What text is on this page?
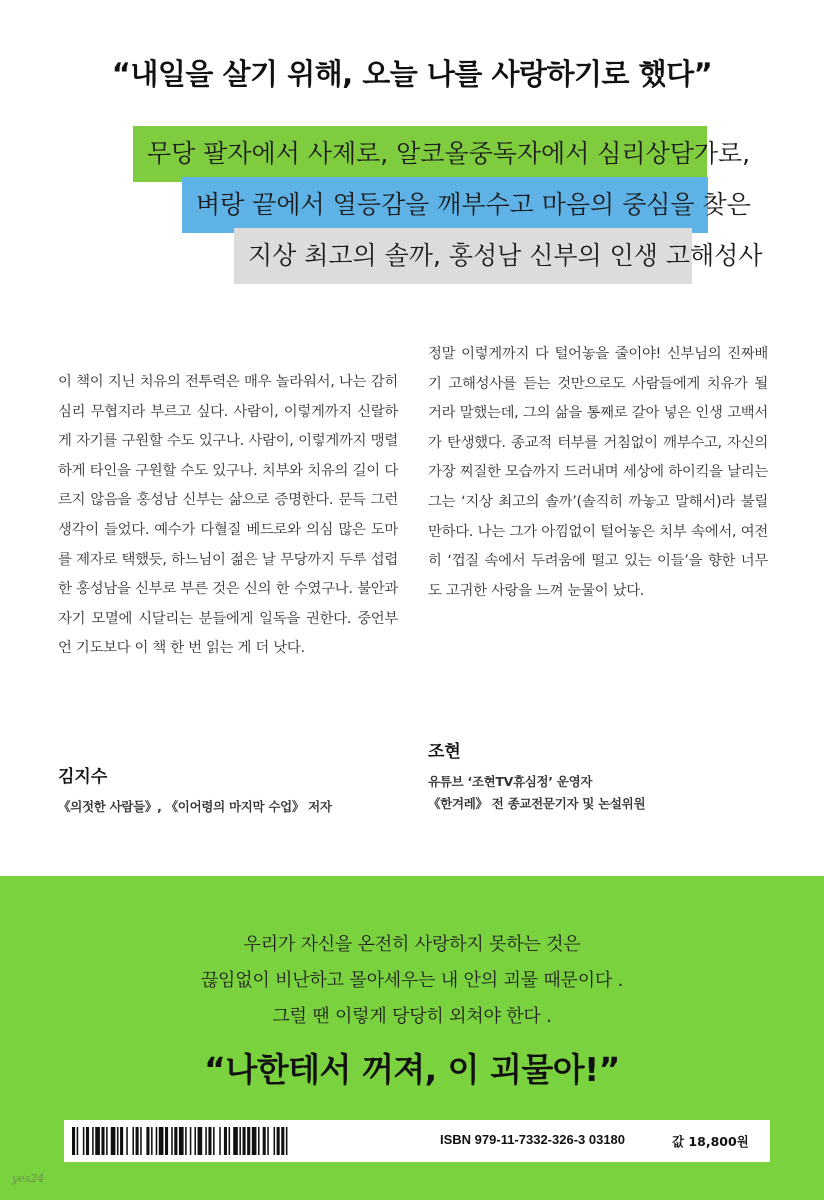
“내일을 살기 위해, 오늘 나를 사랑하기로 했다”
무당 팔자에서 사제로, 알코올중독자에서 심리상담가로,
벼랑 끝에서 열등감을 깨부수고 마음의 중심을 찾은
지상 최고의 솔까, 홍성남 신부의 인생 고해성사

이 책이 지닌 치유의 전투력은 매우 놀라워서, 나는 감히 심리 무협지라 부르고 싶다. 사람이, 이렇게까지 신랄하게 자기를 구원할 수도 있구나. 사람이, 이렇게까지 맹렬하게 타인을 구원할 수도 있구나. 치부와 치유의 길이 다르지 않음을 홍성남 신부는 삶으로 증명한다. 문득 그런 생각이 들었다. 예수가 다혈질 베드로와 의심 많은 도마를 제자로 택했듯, 하느님이 젊은 날 무당까지 두루 섭렵한 홍성남을 신부로 부른 것은 신의 한 수였구나. 불안과 자기 모멸에 시달리는 분들에게 일독을 권한다. 중언부언 기도보다 이 책 한 번 읽는 게 더 낫다.

김지수
《의젓한 사람들》, 《이어령의 마지막 수업》 저자

정말 이렇게까지 다 털어놓을 줄이야! 신부님의 진짜배기 고해성사를 듣는 것만으로도 사람들에게 치유가 될 거라 말했는데, 그의 삶을 통째로 갈아 넣은 인생 고백서가 탄생했다. 종교적 터부를 거침없이 깨부수고, 자신의 가장 찌질한 모습까지 드러내며 세상에 하이킥을 날리는 그는 ‘지상 최고의 솔까’(솔직히 까놓고 말해서)라 불릴 만하다. 나는 그가 아낌없이 털어놓은 치부 속에서, 여전히 ‘껍질 속에서 두려움에 떨고 있는 이들’을 향한 너무도 고귀한 사랑을 느껴 눈물이 났다.

조현
유튜브 ‘조현TV휴심정’ 운영자
《한겨레》 전 종교전문기자 및 논설위원
우리가 자신을 온전히 사랑하지 못하는 것은
끊임없이 비난하고 몰아세우는 내 안의 괴물 때문이다 .
그럴 땐 이렇게 당당히 외쳐야 한다 .
“나한테서 꺼져, 이 괴물아!”
ISBN 979-11-7332-326-3 03180	값 18,800원
yes24
